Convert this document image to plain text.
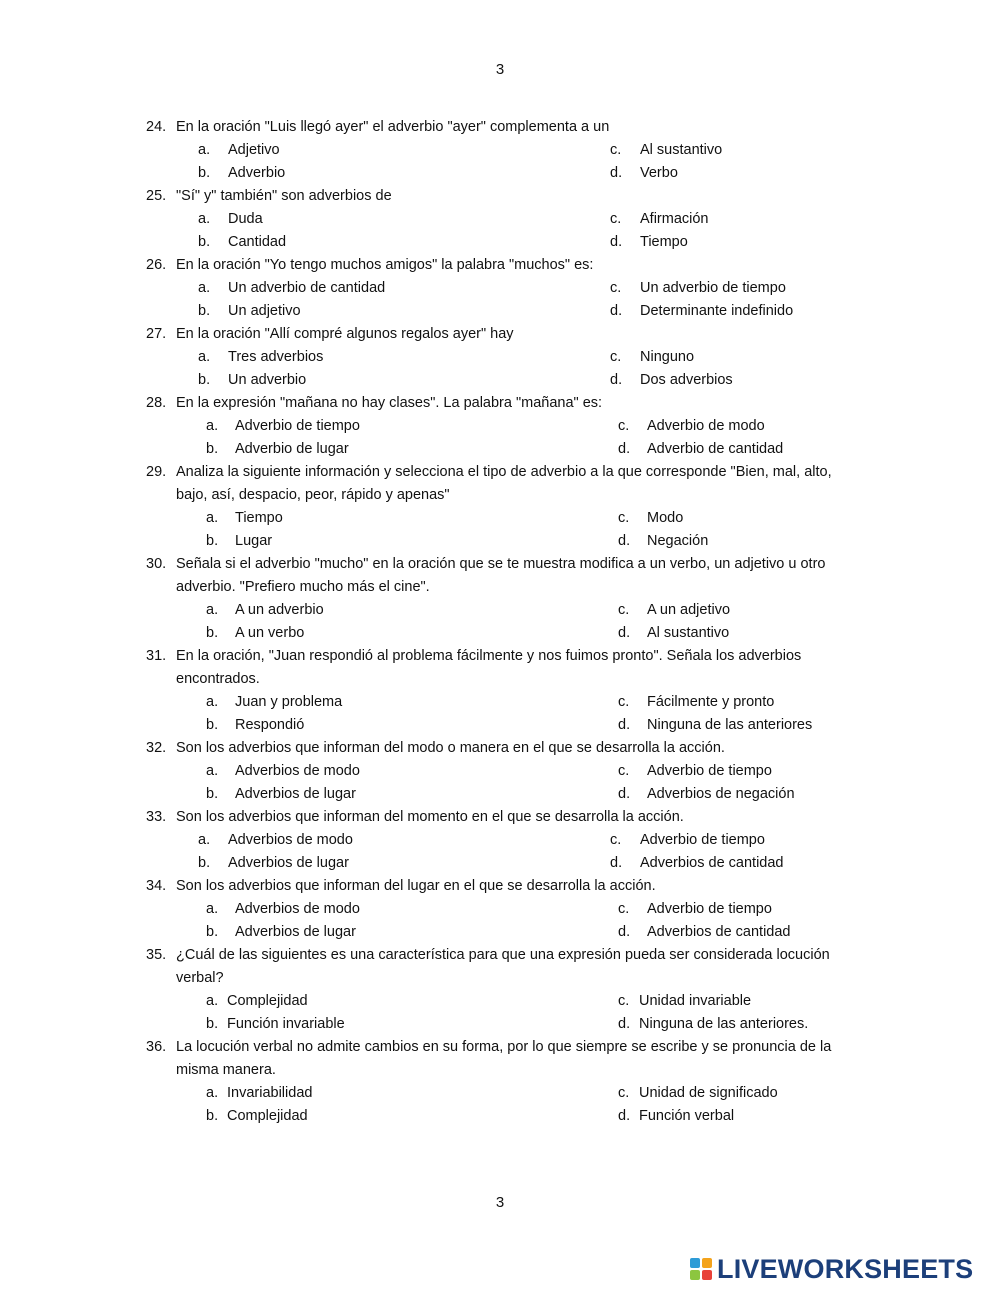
3
24. En la oración "Luis llegó ayer" el adverbio "ayer" complementa a un
a. Adjetivo	c. Al sustantivo
b. Adverbio	d. Verbo
25. "Sí" y" también" son adverbios de
a. Duda	c. Afirmación
b. Cantidad	d. Tiempo
26. En la oración "Yo tengo muchos amigos" la palabra "muchos" es:
a. Un adverbio de cantidad	c. Un adverbio de tiempo
b. Un adjetivo	d. Determinante indefinido
27. En la oración "Allí compré algunos regalos ayer" hay
a. Tres adverbios	c. Ninguno
b. Un adverbio	d. Dos adverbios
28. En la expresión "mañana no hay clases". La palabra "mañana" es:
a. Adverbio de tiempo	c. Adverbio de modo
b. Adverbio de lugar	d. Adverbio de cantidad
29. Analiza la siguiente información y selecciona el tipo de adverbio a la que corresponde "Bien, mal, alto, bajo, así, despacio, peor, rápido y apenas"
a. Tiempo	c. Modo
b. Lugar	d. Negación
30. Señala si el adverbio "mucho" en la oración que se te muestra modifica a un verbo, un adjetivo u otro adverbio. "Prefiero mucho más el cine".
a. A un adverbio	c. A un adjetivo
b. A un verbo	d. Al sustantivo
31. En la oración, "Juan respondió al problema fácilmente y nos fuimos pronto". Señala los adverbios encontrados.
a. Juan y problema	c. Fácilmente y pronto
b. Respondió	d. Ninguna de las anteriores
32. Son los adverbios que informan del modo o manera en el que se desarrolla la acción.
a. Adverbios de modo	c. Adverbio de tiempo
b. Adverbios de lugar	d. Adverbios de negación
33. Son los adverbios que informan del momento en el que se desarrolla la acción.
a. Adverbios de modo	c. Adverbio de tiempo
b. Adverbios de lugar	d. Adverbios de cantidad
34. Son los adverbios que informan del lugar en el que se desarrolla la acción.
a. Adverbios de modo	c. Adverbio de tiempo
b. Adverbios de lugar	d. Adverbios de cantidad
35. ¿Cuál de las siguientes es una característica para que una expresión pueda ser considerada locución verbal?
a. Complejidad	c. Unidad invariable
b. Función invariable	d. Ninguna de las anteriores.
36. La locución verbal no admite cambios en su forma, por lo que siempre se escribe y se pronuncia de la misma manera.
a. Invariabilidad	c. Unidad de significado
b. Complejidad	d. Función verbal
3
LIVEWORKSHEETS
